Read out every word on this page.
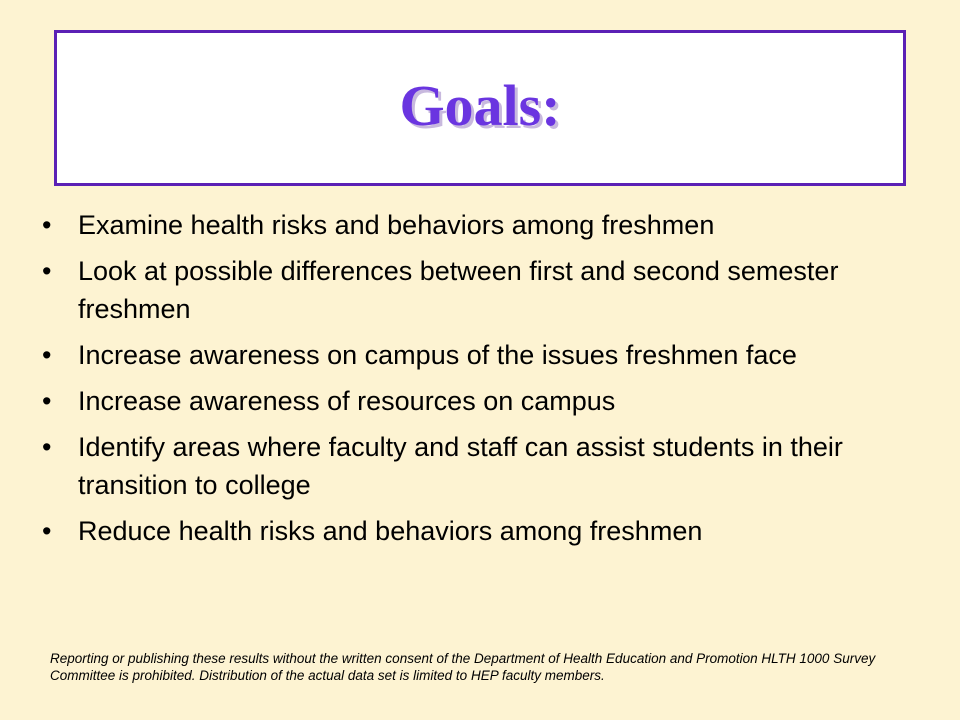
Goals:
• Examine health risks and behaviors among freshmen
• Look at possible differences between first and second semester freshmen
• Increase awareness on campus of the issues freshmen face
• Increase awareness of resources on campus
• Identify areas where faculty and staff can assist students in their transition to college
• Reduce health risks and behaviors among freshmen

Reporting or publishing these results without the written consent of the Department of Health Education and Promotion HLTH 1000 Survey Committee is prohibited. Distribution of the actual data set is limited to HEP faculty members.
